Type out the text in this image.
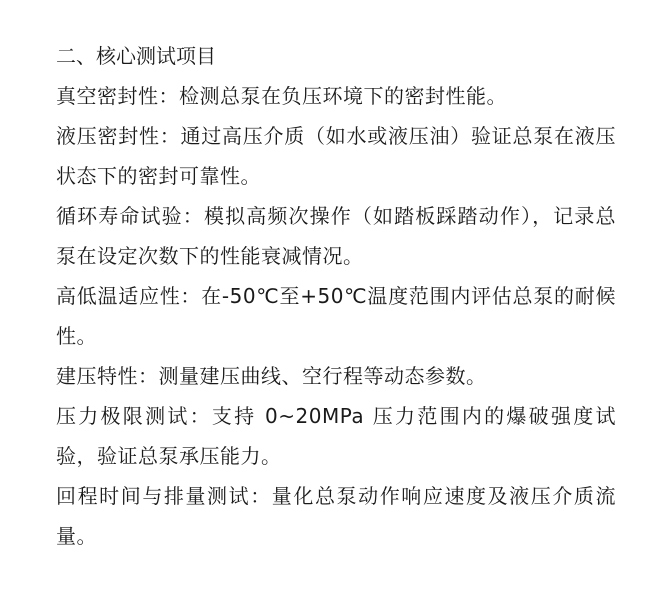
二、核心测试项目

真空密封性：检测总泵在负压环境下的密封性能。

液压密封性：通过高压介质（如水或液压油）验证总泵在液压状态下的密封可靠性。

循环寿命试验：模拟高频次操作（如踏板踩踏动作），记录总泵在设定次数下的性能衰减情况。

高低温适应性：在-50℃至+50℃温度范围内评估总泵的耐候性。

建压特性：测量建压曲线、空行程等动态参数。

压力极限测试：支持 0~20MPa 压力范围内的爆破强度试验，验证总泵承压能力。

回程时间与排量测试：量化总泵动作响应速度及液压介质流量。
